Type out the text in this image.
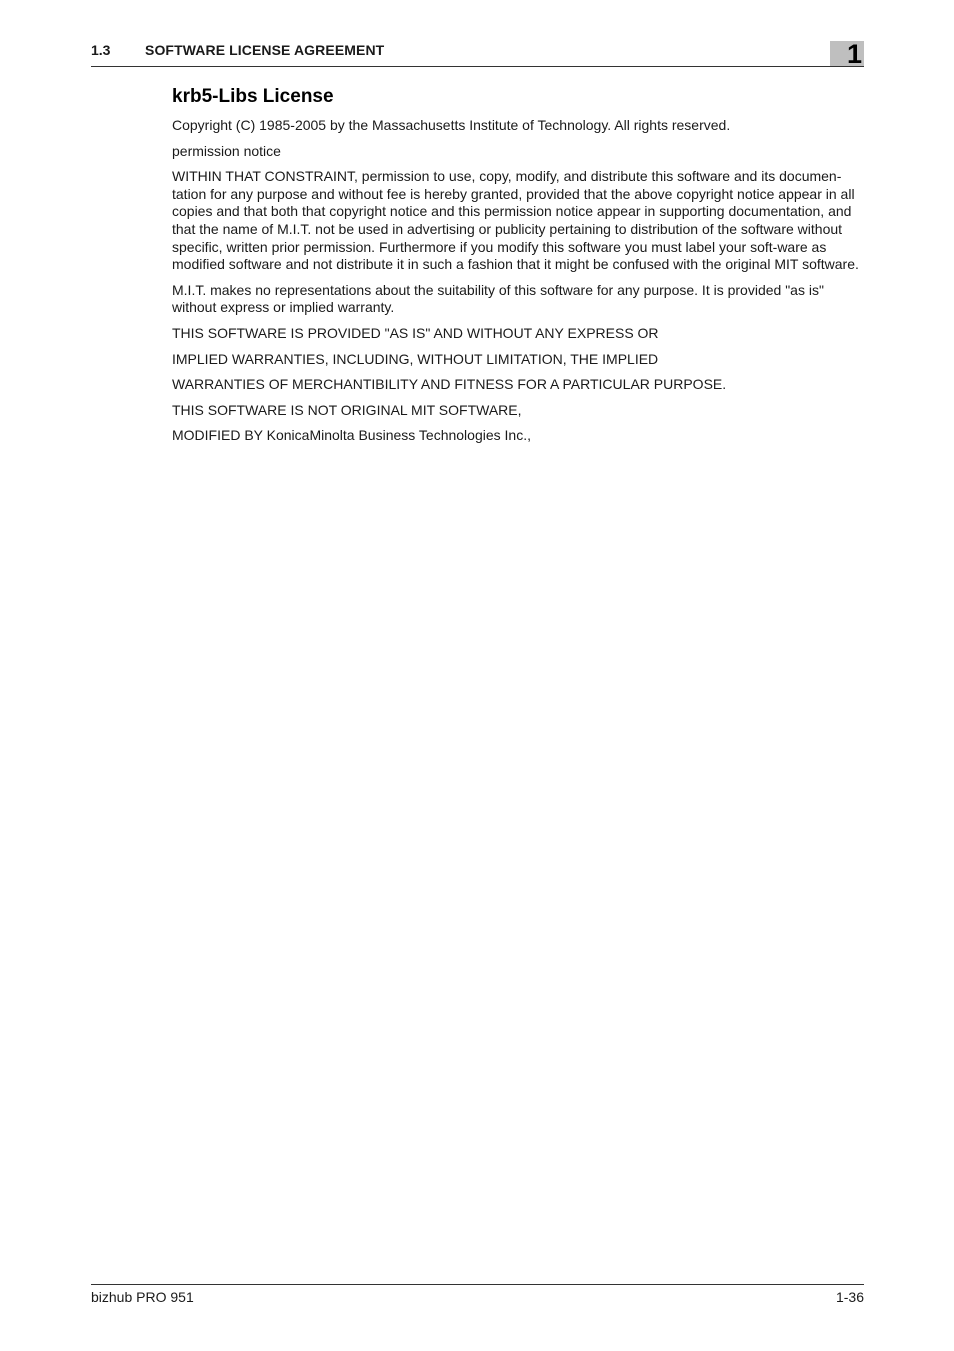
1.3 SOFTWARE LICENSE AGREEMENT	1
krb5-Libs License

Copyright (C) 1985-2005 by the Massachusetts Institute of Technology. All rights reserved.

permission notice

WITHIN THAT CONSTRAINT, permission to use, copy, modify, and distribute this software and its documen-tation for any purpose and without fee is hereby granted, provided that the above copyright notice appear in all copies and that both that copyright notice and this permission notice appear in supporting documentation, and that the name of M.I.T. not be used in advertising or publicity pertaining to distribution of the software without specific, written prior permission. Furthermore if you modify this software you must label your soft-ware as modified software and not distribute it in such a fashion that it might be confused with the original MIT software.

M.I.T. makes no representations about the suitability of this software for any purpose. It is provided "as is" without express or implied warranty.

THIS SOFTWARE IS PROVIDED "AS IS" AND WITHOUT ANY EXPRESS OR

IMPLIED WARRANTIES, INCLUDING, WITHOUT LIMITATION, THE IMPLIED

WARRANTIES OF MERCHANTIBILITY AND FITNESS FOR A PARTICULAR PURPOSE.

THIS SOFTWARE IS NOT ORIGINAL MIT SOFTWARE,

MODIFIED BY KonicaMinolta Business Technologies Inc.,

bizhub PRO 951	1-36
